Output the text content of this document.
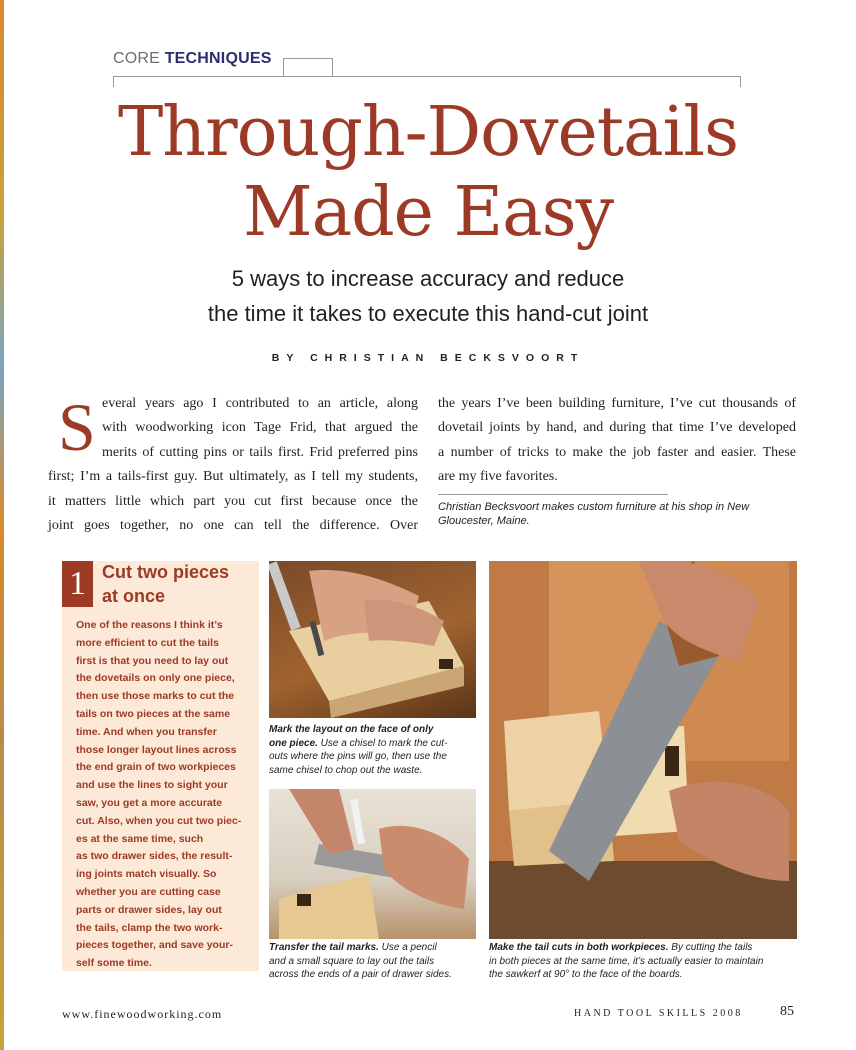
CORE TECHNIQUES
Through-Dovetails
Made Easy
5 ways to increase accuracy and reduce
the time it takes to execute this hand-cut joint
BY CHRISTIAN BECKSVOORT
S everal years ago I contributed to an article, along
with woodworking icon Tage Frid, that argued the
merits of cutting pins or tails first. Frid preferred pins
first; I’m a tails-first guy. But ultimately, as I tell my students,
it matters little which part you cut first because once the
joint goes together, no one can tell the difference. Over
the years I’ve been building furniture, I’ve cut thousands of
dovetail joints by hand, and during that time I’ve developed
a number of tricks to make the job faster and easier. These
are my five favorites.
Christian Becksvoort makes custom furniture at his shop in New Gloucester, Maine.
1 Cut two pieces
at once
One of the reasons I think it’s
more efficient to cut the tails
first is that you need to lay out
the dovetails on only one piece,
then use those marks to cut the
tails on two pieces at the same
time. And when you transfer
those longer layout lines across
the end grain of two workpieces
and use the lines to sight your
saw, you get a more accurate
cut. Also, when you cut two piec-
es at the same time, such
as two drawer sides, the result-
ing joints match visually. So
whether you are cutting case
parts or drawer sides, lay out
the tails, clamp the two work-
pieces together, and save your-
self some time.
Mark the layout on the face of only
one piece. Use a chisel to mark the cut-
outs where the pins will go, then use the
same chisel to chop out the waste.
Transfer the tail marks. Use a pencil
and a small square to lay out the tails
across the ends of a pair of drawer sides.
Make the tail cuts in both workpieces. By cutting the tails
in both pieces at the same time, it’s actually easier to maintain
the sawkerf at 90° to the face of the boards.
www.finewoodworking.com	HAND TOOL SKILLS 2008	85
